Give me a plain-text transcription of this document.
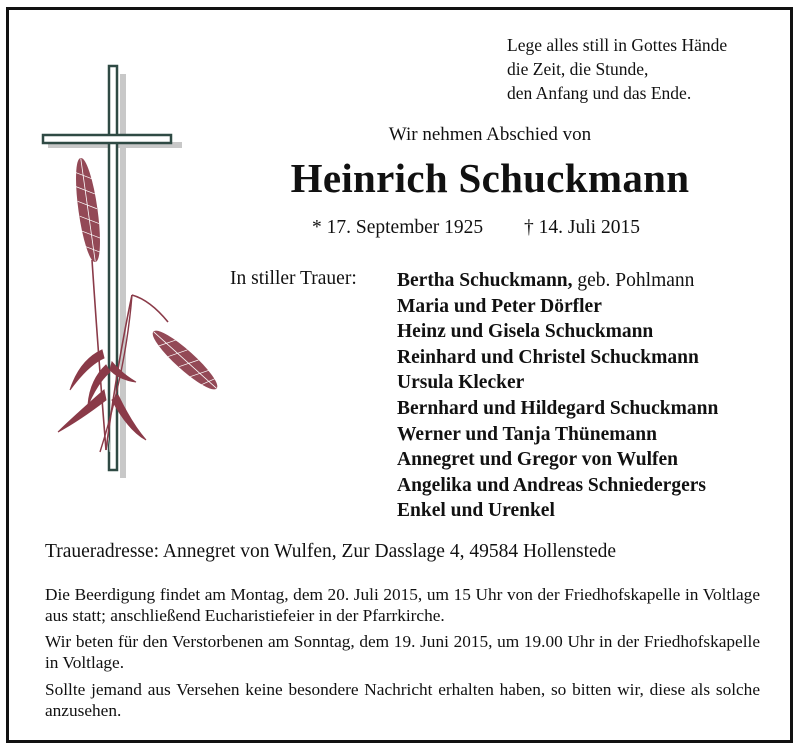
Lege alles still in Gottes Hände
die Zeit, die Stunde,
den Anfang und das Ende.
Wir nehmen Abschied von
Heinrich Schuckmann
* 17. September 1925 † 14. Juli 2015
In stiller Trauer: Bertha Schuckmann, geb. Pohlmann
Maria und Peter Dörfler
Heinz und Gisela Schuckmann
Reinhard und Christel Schuckmann
Ursula Klecker
Bernhard und Hildegard Schuckmann
Werner und Tanja Thünemann
Annegret und Gregor von Wulfen
Angelika und Andreas Schniedergers
Enkel und Urenkel
Traueradresse: Annegret von Wulfen, Zur Dasslage 4, 49584 Hollenstede
Die Beerdigung findet am Montag, dem 20. Juli 2015, um 15 Uhr von der Friedhofskapelle in Voltlage aus statt; anschließend Eucharistiefeier in der Pfarrkirche.
Wir beten für den Verstorbenen am Sonntag, dem 19. Juni 2015, um 19.00 Uhr in der Friedhofskapelle in Voltlage.
Sollte jemand aus Versehen keine besondere Nachricht erhalten haben, so bitten wir, diese als solche anzusehen.
